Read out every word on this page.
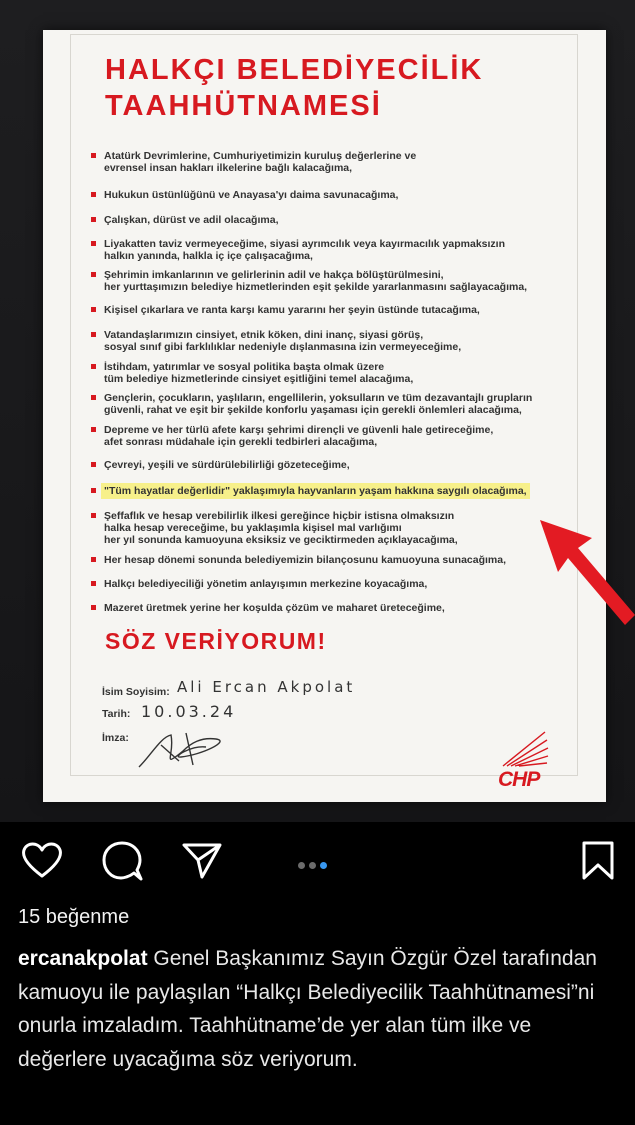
HALKÇI BELEDİYECİLİK
TAAHHÜTNAMESİ
Atatürk Devrimlerine, Cumhuriyetimizin kuruluş değerlerine ve
evrensel insan hakları ilkelerine bağlı kalacağıma,
Hukukun üstünlüğünü ve Anayasa'yı daima savunacağıma,
Çalışkan, dürüst ve adil olacağıma,
Liyakatten taviz vermeyeceğime, siyasi ayrımcılık veya kayırmacılık yapmaksızın
halkın yanında, halkla iç içe çalışacağıma,
Şehrimin imkanlarının ve gelirlerinin adil ve hakça bölüştürülmesini,
her yurttaşımızın belediye hizmetlerinden eşit şekilde yararlanmasını sağlayacağıma,
Kişisel çıkarlara ve ranta karşı kamu yararını her şeyin üstünde tutacağıma,
Vatandaşlarımızın cinsiyet, etnik köken, dini inanç, siyasi görüş,
sosyal sınıf gibi farklılıklar nedeniyle dışlanmasına izin vermeyeceğime,
İstihdam, yatırımlar ve sosyal politika başta olmak üzere
tüm belediye hizmetlerinde cinsiyet eşitliğini temel alacağıma,
Gençlerin, çocukların, yaşlıların, engellilerin, yoksulların ve tüm dezavantajlı grupların
güvenli, rahat ve eşit bir şekilde konforlu yaşaması için gerekli önlemleri alacağıma,
Depreme ve her türlü afete karşı şehrimi dirençli ve güvenli hale getireceğime,
afet sonrası müdahale için gerekli tedbirleri alacağıma,
Çevreyi, yeşili ve sürdürülebilirliği gözeteceğime,
"Tüm hayatlar değerlidir" yaklaşımıyla hayvanların yaşam hakkına saygılı olacağıma,
Şeffaflık ve hesap verebilirlik ilkesi gereğince hiçbir istisna olmaksızın
halka hesap vereceğime, bu yaklaşımla kişisel mal varlığımı
her yıl sonunda kamuoyuna eksiksiz ve geciktirmeden açıklayacağıma,
Her hesap dönemi sonunda belediyemizin bilançosunu kamuoyuna sunacağıma,
Halkçı belediyeciliği yönetim anlayışımın merkezine koyacağıma,
Mazeret üretmek yerine her koşulda çözüm ve maharet üreteceğime,
SÖZ VERİYORUM!
İsim Soyisim: Ali Ercan Akpolat
Tarih: 10.03.24
İmza:
CHP
15 beğenme
ercanakpolat Genel Başkanımız Sayın Özgür Özel tarafından kamuoyu ile paylaşılan “Halkçı Belediyecilik Taahhütnamesi”ni onurla imzaladım. Taahhütname’de yer alan tüm ilke ve değerlere uyacağıma söz veriyorum.
